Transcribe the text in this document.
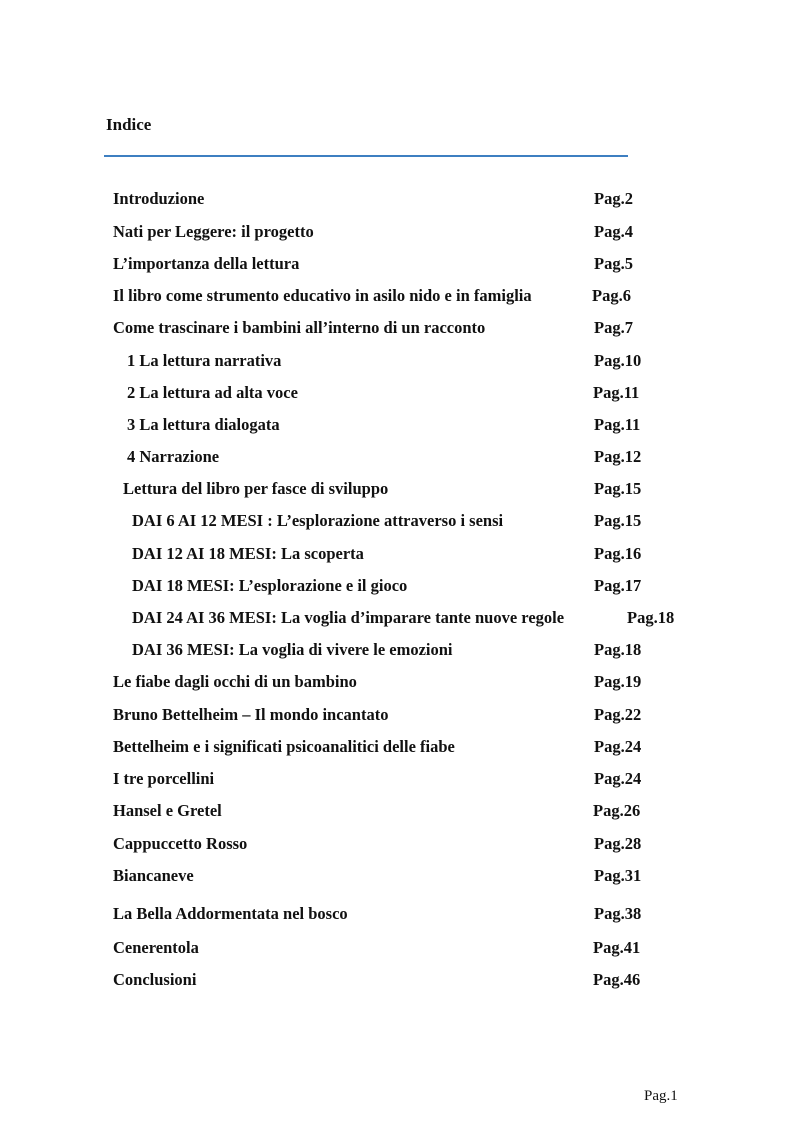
Indice
Introduzione	Pag.2
Nati per Leggere: il progetto	Pag.4
L’importanza della lettura	Pag.5
Il libro come strumento educativo in asilo nido e in famiglia	Pag.6
Come trascinare i bambini all’interno di un racconto	Pag.7
1 La lettura narrativa	Pag.10
2 La lettura ad alta voce	Pag.11
3 La lettura dialogata	Pag.11
4 Narrazione	Pag.12
Lettura del libro per fasce di sviluppo	Pag.15
DAI 6 AI 12 MESI : L’esplorazione attraverso i sensi	Pag.15
DAI 12 AI 18 MESI: La scoperta	Pag.16
DAI 18 MESI: L’esplorazione e il gioco	Pag.17
DAI 24 AI 36 MESI: La voglia d’imparare tante nuove regole	Pag.18
DAI 36 MESI: La voglia di vivere le emozioni	Pag.18
Le fiabe dagli occhi di un bambino	Pag.19
Bruno Bettelheim – Il mondo incantato	Pag.22
Bettelheim e i significati psicoanalitici delle fiabe	Pag.24
I tre porcellini	Pag.24
Hansel e Gretel	Pag.26
Cappuccetto Rosso	Pag.28
Biancaneve	Pag.31
La Bella Addormentata nel bosco	Pag.38
Cenerentola	Pag.41
Conclusioni	Pag.46
Pag.1
